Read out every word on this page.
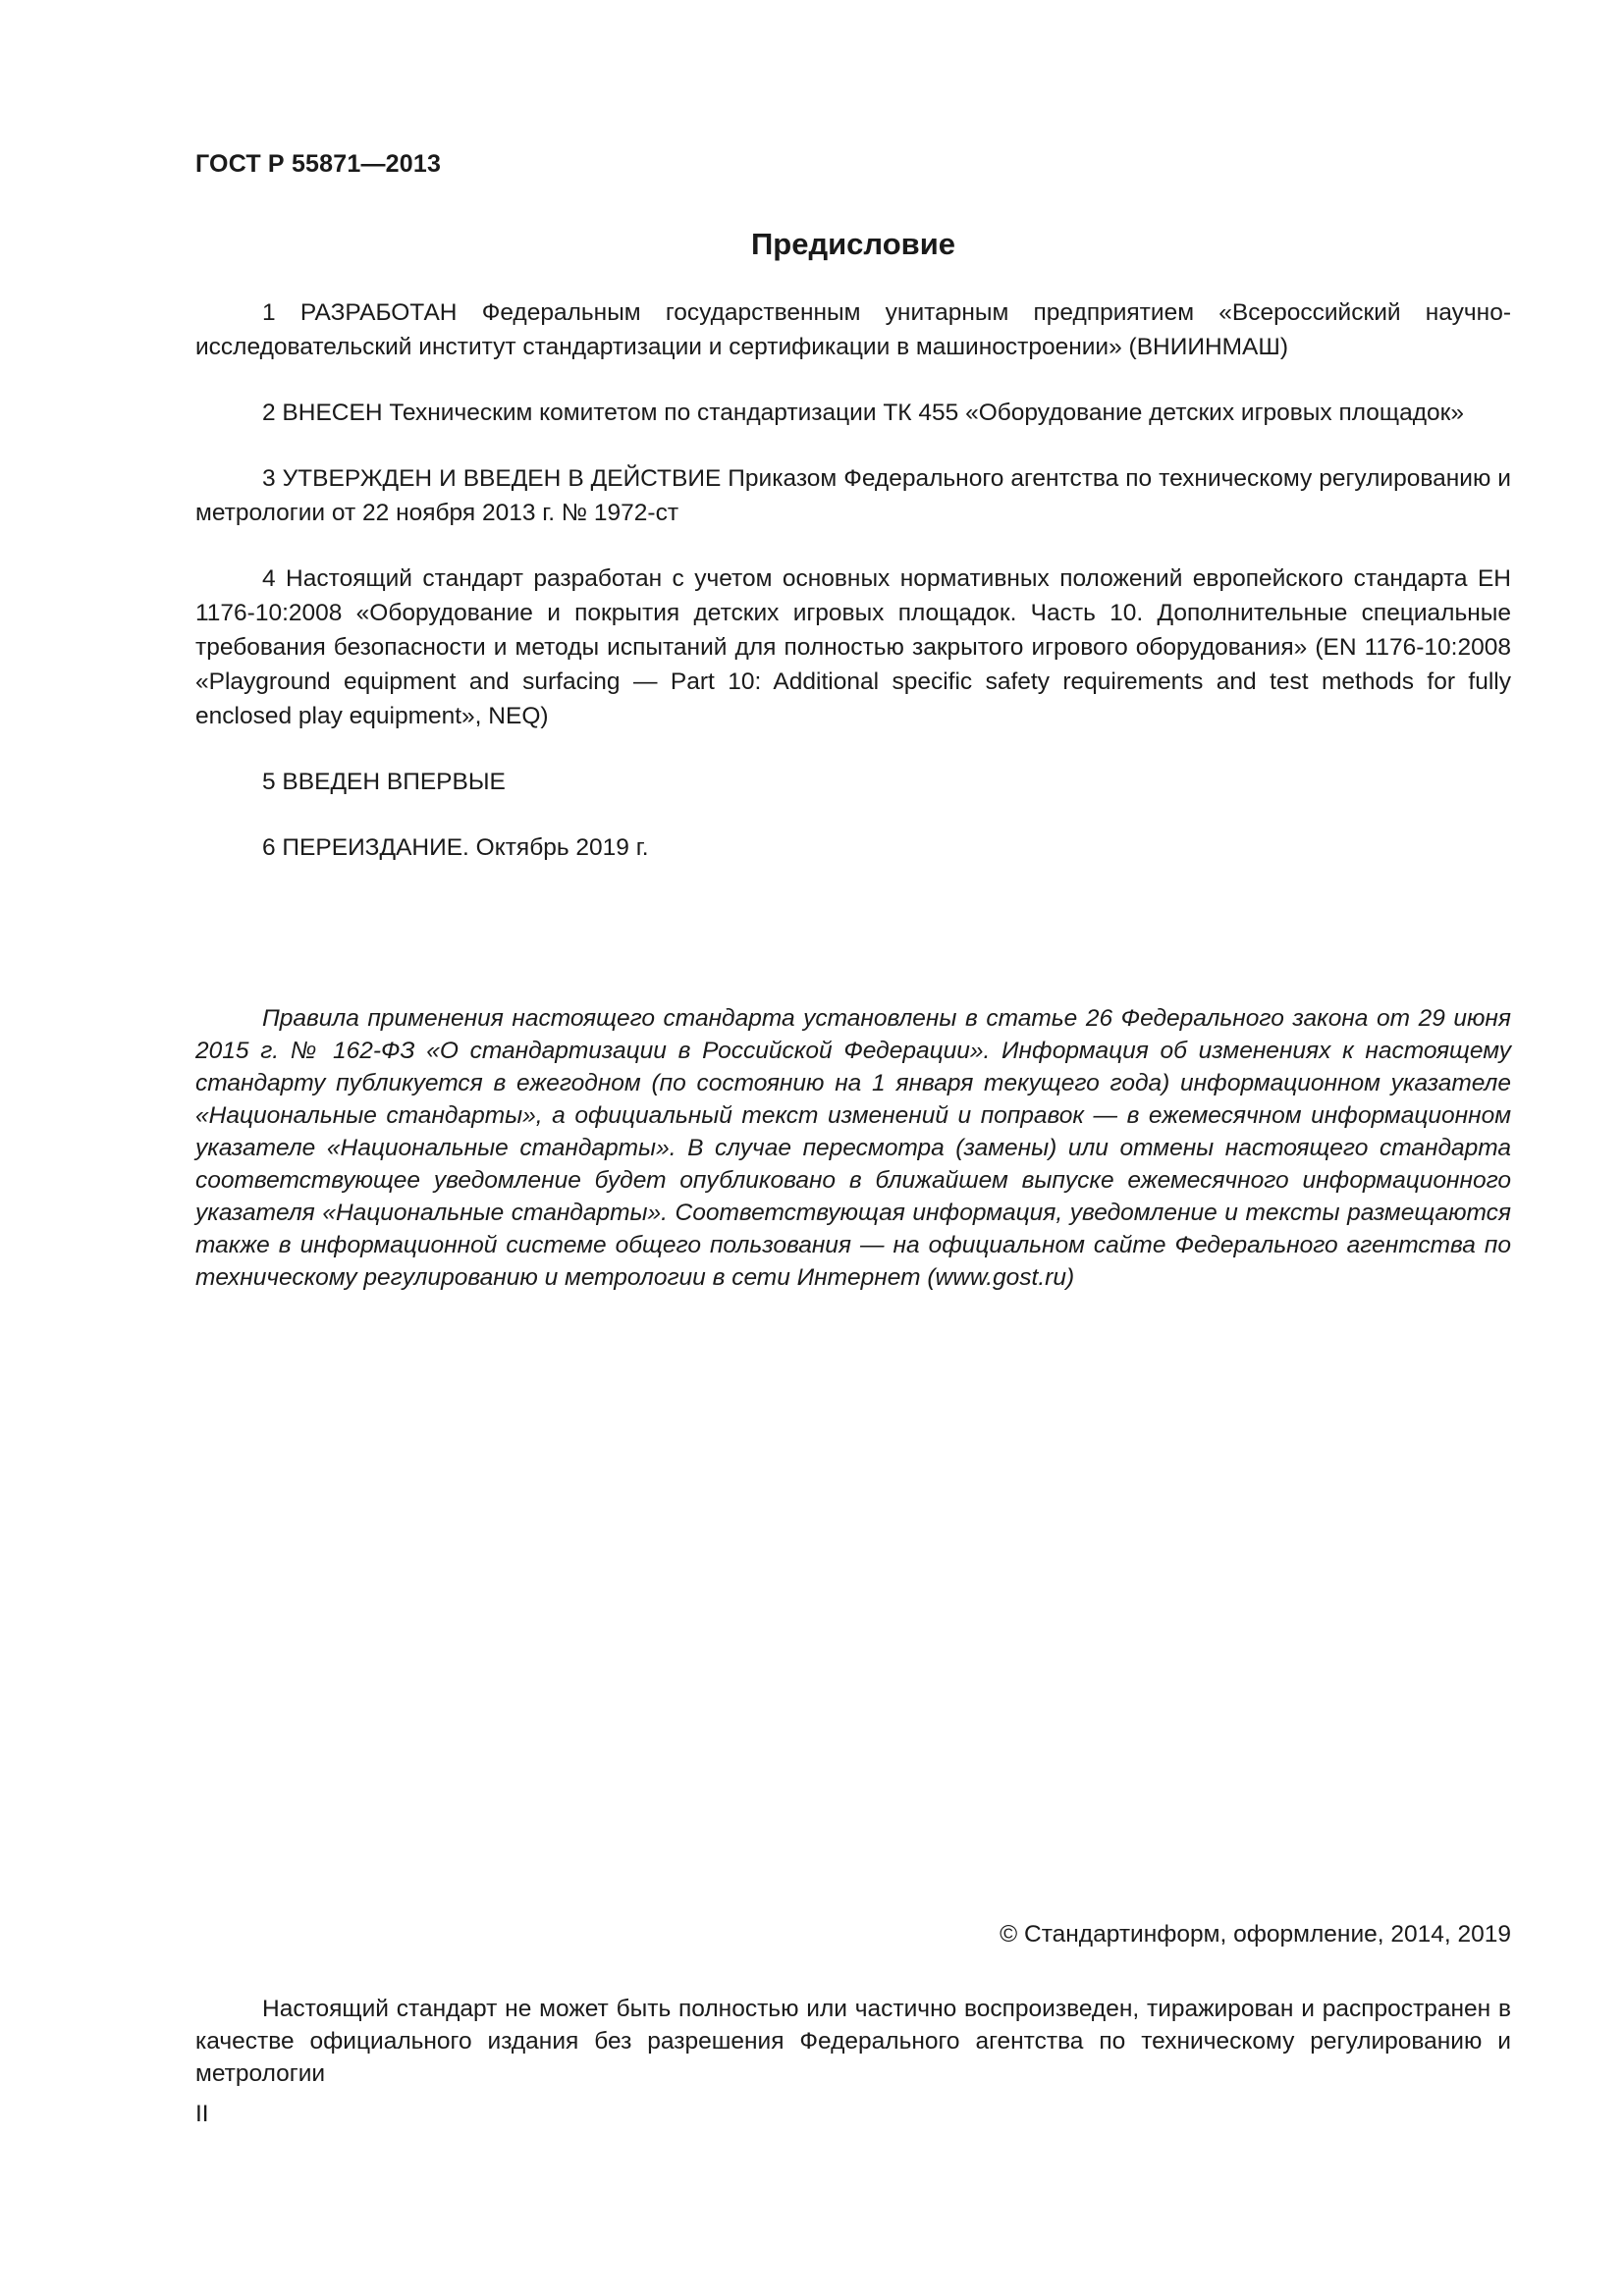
ГОСТ Р 55871—2013
Предисловие

1 РАЗРАБОТАН Федеральным государственным унитарным предприятием «Всероссийский научно-исследовательский институт стандартизации и сертификации в машиностроении» (ВНИИНМАШ)

2 ВНЕСЕН Техническим комитетом по стандартизации ТК 455 «Оборудование детских игровых площадок»

3 УТВЕРЖДЕН И ВВЕДЕН В ДЕЙСТВИЕ Приказом Федерального агентства по техническому регулированию и метрологии от 22 ноября 2013 г. № 1972-ст

4 Настоящий стандарт разработан с учетом основных нормативных положений европейского стандарта ЕН 1176-10:2008 «Оборудование и покрытия детских игровых площадок. Часть 10. Дополнительные специальные требования безопасности и методы испытаний для полностью закрытого игрового оборудования» (EN 1176-10:2008 «Playground equipment and surfacing — Part 10: Additional specific safety requirements and test methods for fully enclosed play equipment», NEQ)

5 ВВЕДЕН ВПЕРВЫЕ

6 ПЕРЕИЗДАНИЕ. Октябрь 2019 г.

Правила применения настоящего стандарта установлены в статье 26 Федерального закона от 29 июня 2015 г. № 162-ФЗ «О стандартизации в Российской Федерации». Информация об изменениях к настоящему стандарту публикуется в ежегодном (по состоянию на 1 января текущего года) информационном указателе «Национальные стандарты», а официальный текст изменений и поправок — в ежемесячном информационном указателе «Национальные стандарты». В случае пересмотра (замены) или отмены настоящего стандарта соответствующее уведомление будет опубликовано в ближайшем выпуске ежемесячного информационного указателя «Национальные стандарты». Соответствующая информация, уведомление и тексты размещаются также в информационной системе общего пользования — на официальном сайте Федерального агентства по техническому регулированию и метрологии в сети Интернет (www.gost.ru)

© Стандартинформ, оформление, 2014, 2019

Настоящий стандарт не может быть полностью или частично воспроизведен, тиражирован и распространен в качестве официального издания без разрешения Федерального агентства по техническому регулированию и метрологии

II
